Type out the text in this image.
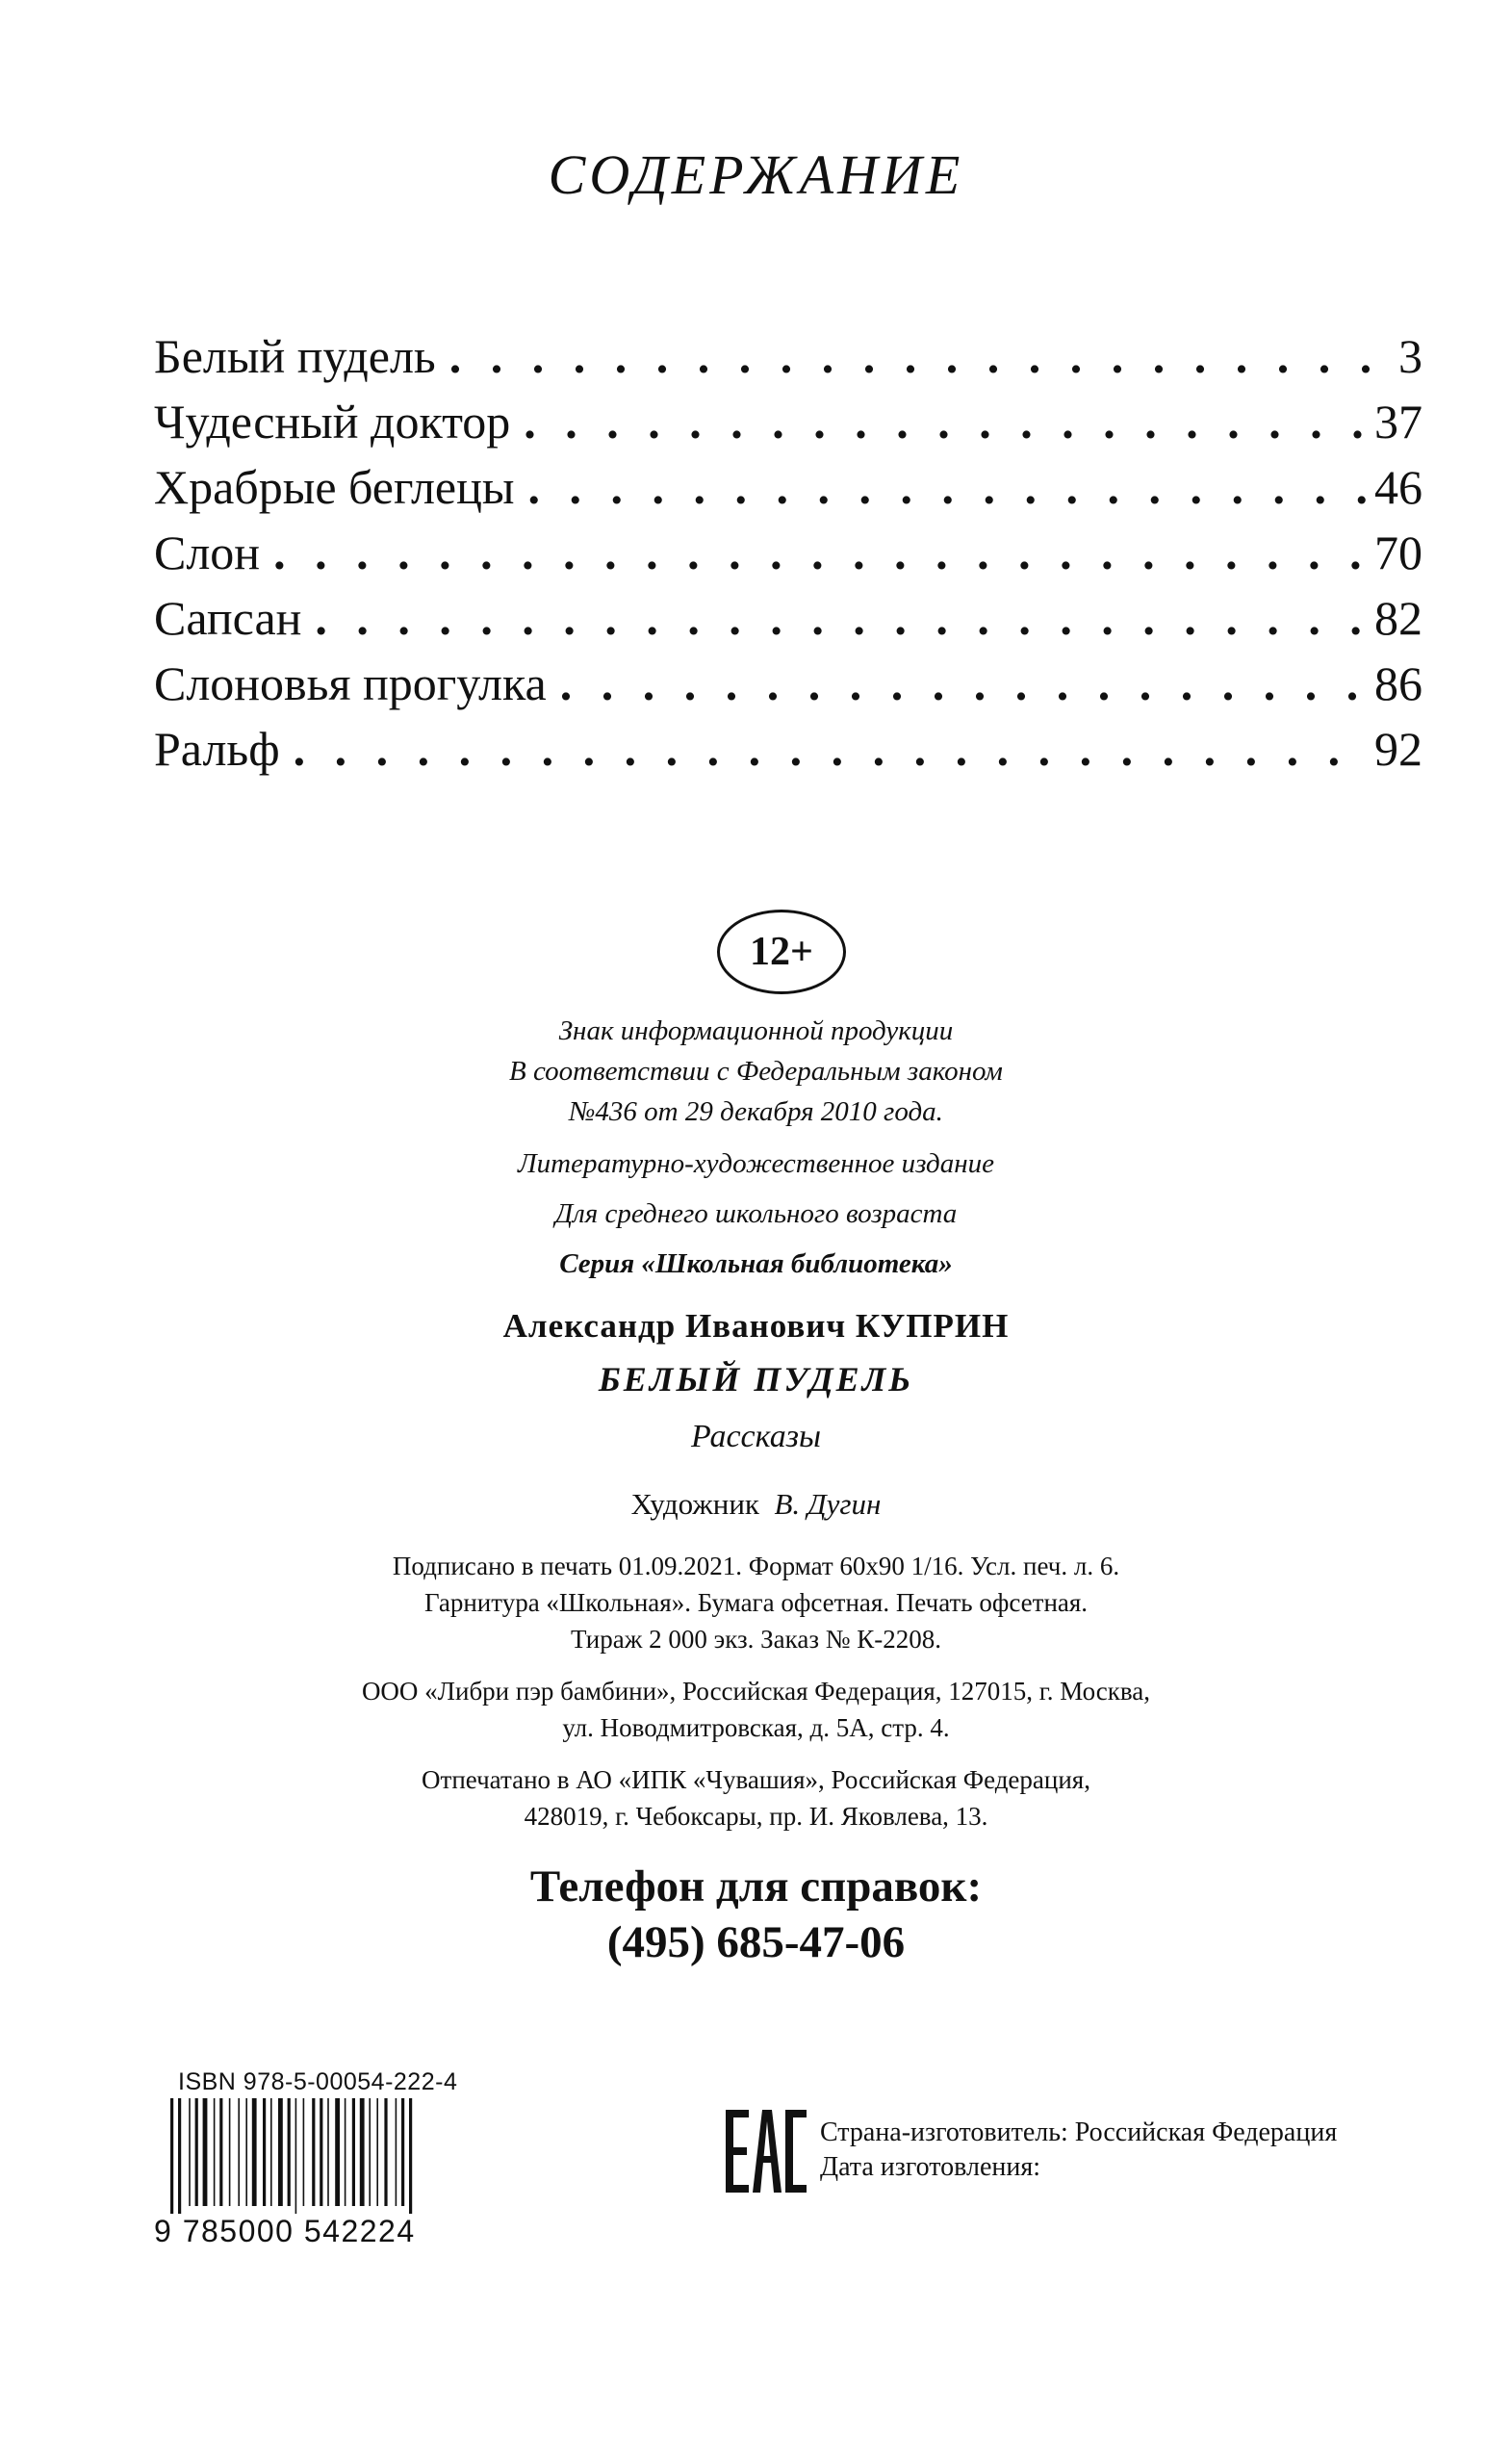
СОДЕРЖАНИЕ
Белый пудель . . .	3
Чудесный доктор . . .	37
Храбрые беглецы . . .	46
Слон . . .	70
Сапсан . . .	82
Слоновья прогулка . . .	86
Ральф . . .	92
12+

Знак информационной продукции

В соответствии с Федеральным законом

№436 от 29 декабря 2010 года.

Литературно-художественное издание

Для среднего школьного возраста

Серия «Школьная библиотека»

Александр Иванович КУПРИН

БЕЛЫЙ ПУДЕЛЬ

Рассказы

Художник В. Дугин

Подписано в печать 01.09.2021. Формат 60х90 1/16. Усл. печ. л. 6.

Гарнитура «Школьная». Бумага офсетная. Печать офсетная.

Тираж 2 000 экз. Заказ № К-2208.

ООО «Либри пэр бамбини», Российская Федерация, 127015, г. Москва,

ул. Новодмитровская, д. 5А, стр. 4.

Отпечатано в АО «ИПК «Чувашия», Российская Федерация,

428019, г. Чебоксары, пр. И. Яковлева, 13.

Телефон для справок:

(495) 685-47-06

ISBN 978-5-00054-222-4
9 785000 542224
Страна-изготовитель: Российская Федерация
Дата изготовления:
